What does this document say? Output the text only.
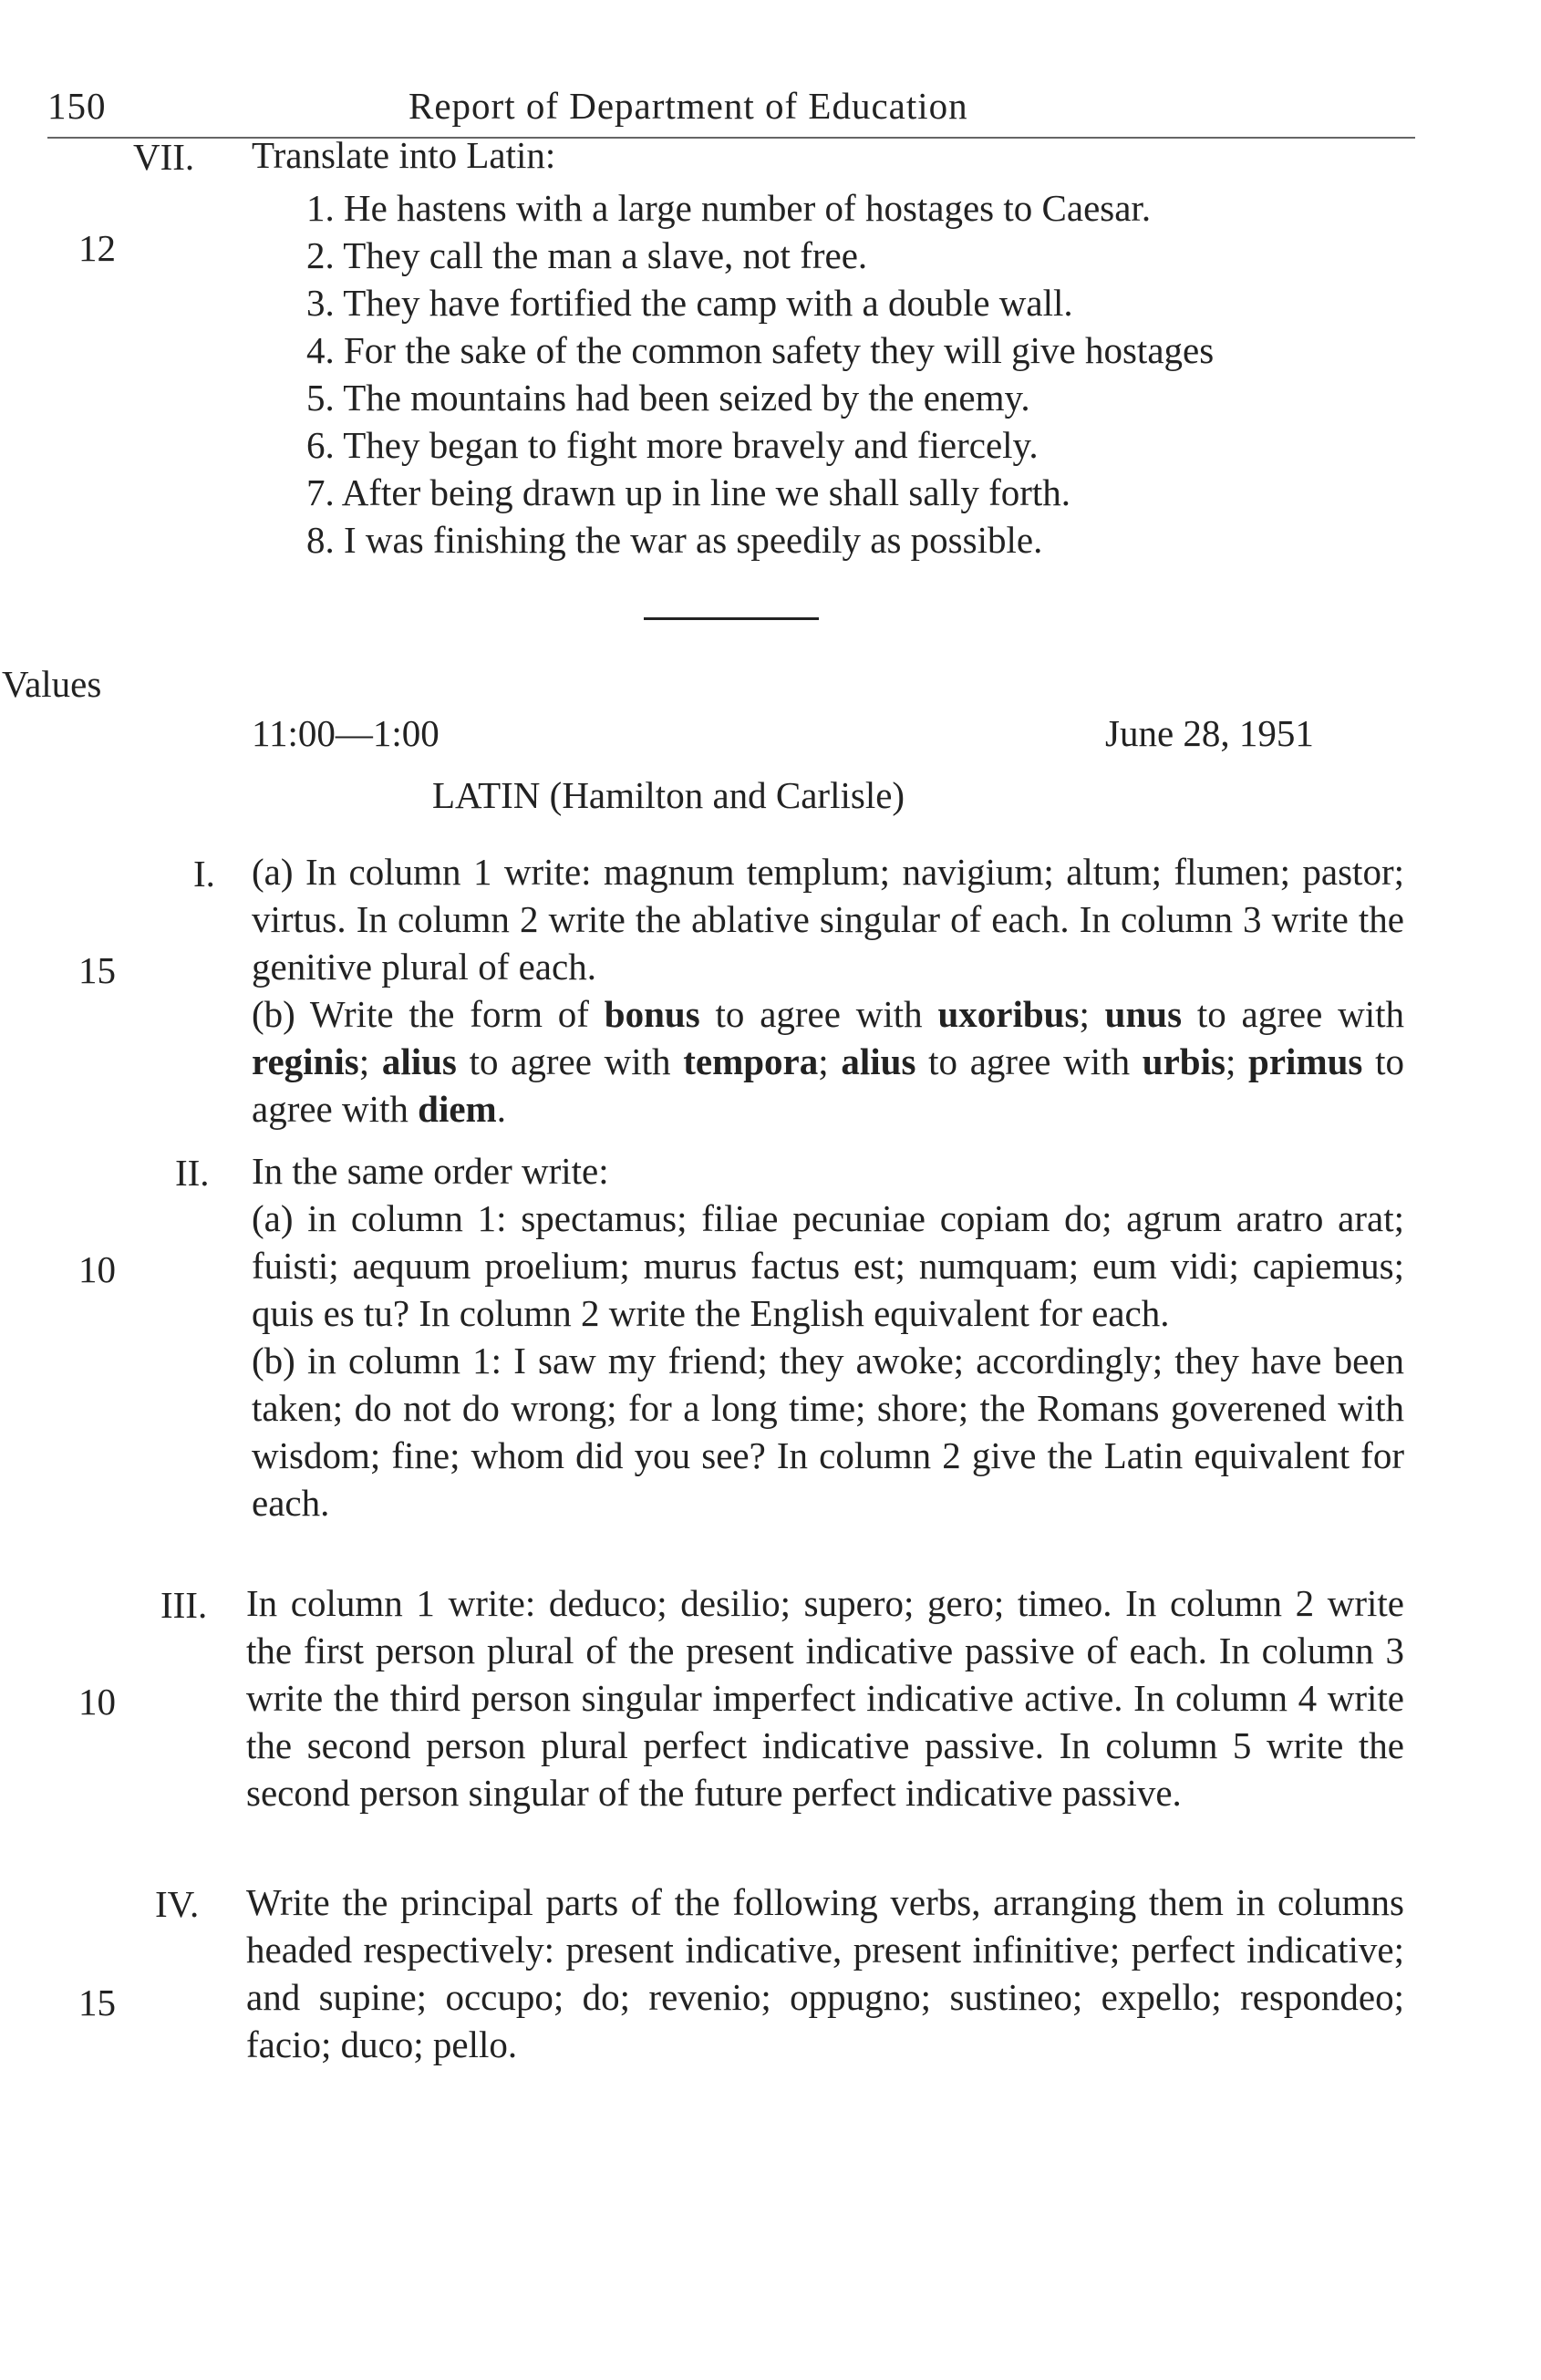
150	Report of Department of Education
VII. Translate into Latin:
12
1. He hastens with a large number of hostages to Caesar.
2. They call the man a slave, not free.
3. They have fortified the camp with a double wall.
4. For the sake of the common safety they will give hostages
5. The mountains had been seized by the enemy.
6. They began to fight more bravely and fiercely.
7. After being drawn up in line we shall sally forth.
8. I was finishing the war as speedily as possible.
Values
11:00—1:00	June 28, 1951
LATIN (Hamilton and Carlisle)
I.
15
(a) In column 1 write: magnum templum; navigium; altum; flumen; pastor; virtus. In column 2 write the ablative singular of each. In column 3 write the genitive plural of each.
(b) Write the form of bonus to agree with uxoribus; unus to agree with reginis; alius to agree with tempora; alius to agree with urbis; primus to agree with diem.
II.
10
In the same order write:
(a) in column 1: spectamus; filiae pecuniae copiam do; agrum aratro arat; fuisti; aequum proelium; murus factus est; numquam; eum vidi; capiemus; quis es tu? In column 2 write the English equivalent for each.
(b) in column 1: I saw my friend; they awoke; accordingly; they have been taken; do not do wrong; for a long time; shore; the Romans goverened with wisdom; fine; whom did you see? In column 2 give the Latin equivalent for each.
III.
10
In column 1 write: deduco; desilio; supero; gero; timeo. In column 2 write the first person plural of the present indicative passive of each. In column 3 write the third person singular imperfect indicative active. In column 4 write the second person plural perfect indicative passive. In column 5 write the second person singular of the future perfect indicative passive.
IV.
15
Write the principal parts of the following verbs, arranging them in columns headed respectively: present indicative, present infinitive; perfect indicative; and supine; occupo; do; revenio; oppugno; sustineo; expello; respondeo; facio; duco; pello.
